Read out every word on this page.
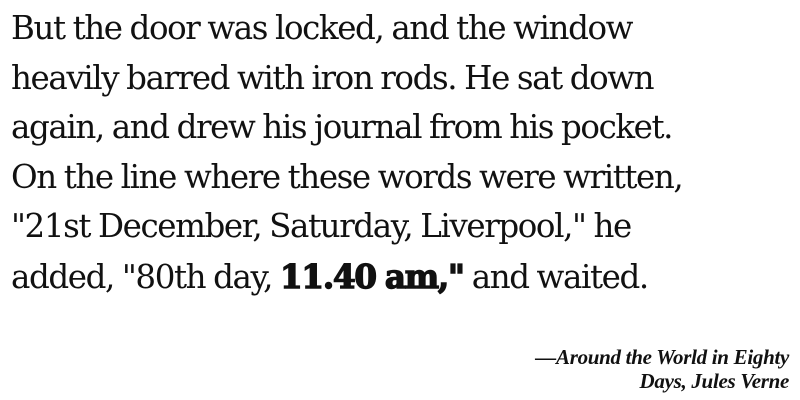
But the door was locked, and the window
heavily barred with iron rods. He sat down
again, and drew his journal from his pocket.
On the line where these words were written,
"21st December, Saturday, Liverpool," he
added, "80th day, 11.40 am," and waited.

—Around the World in Eighty
Days, Jules Verne
